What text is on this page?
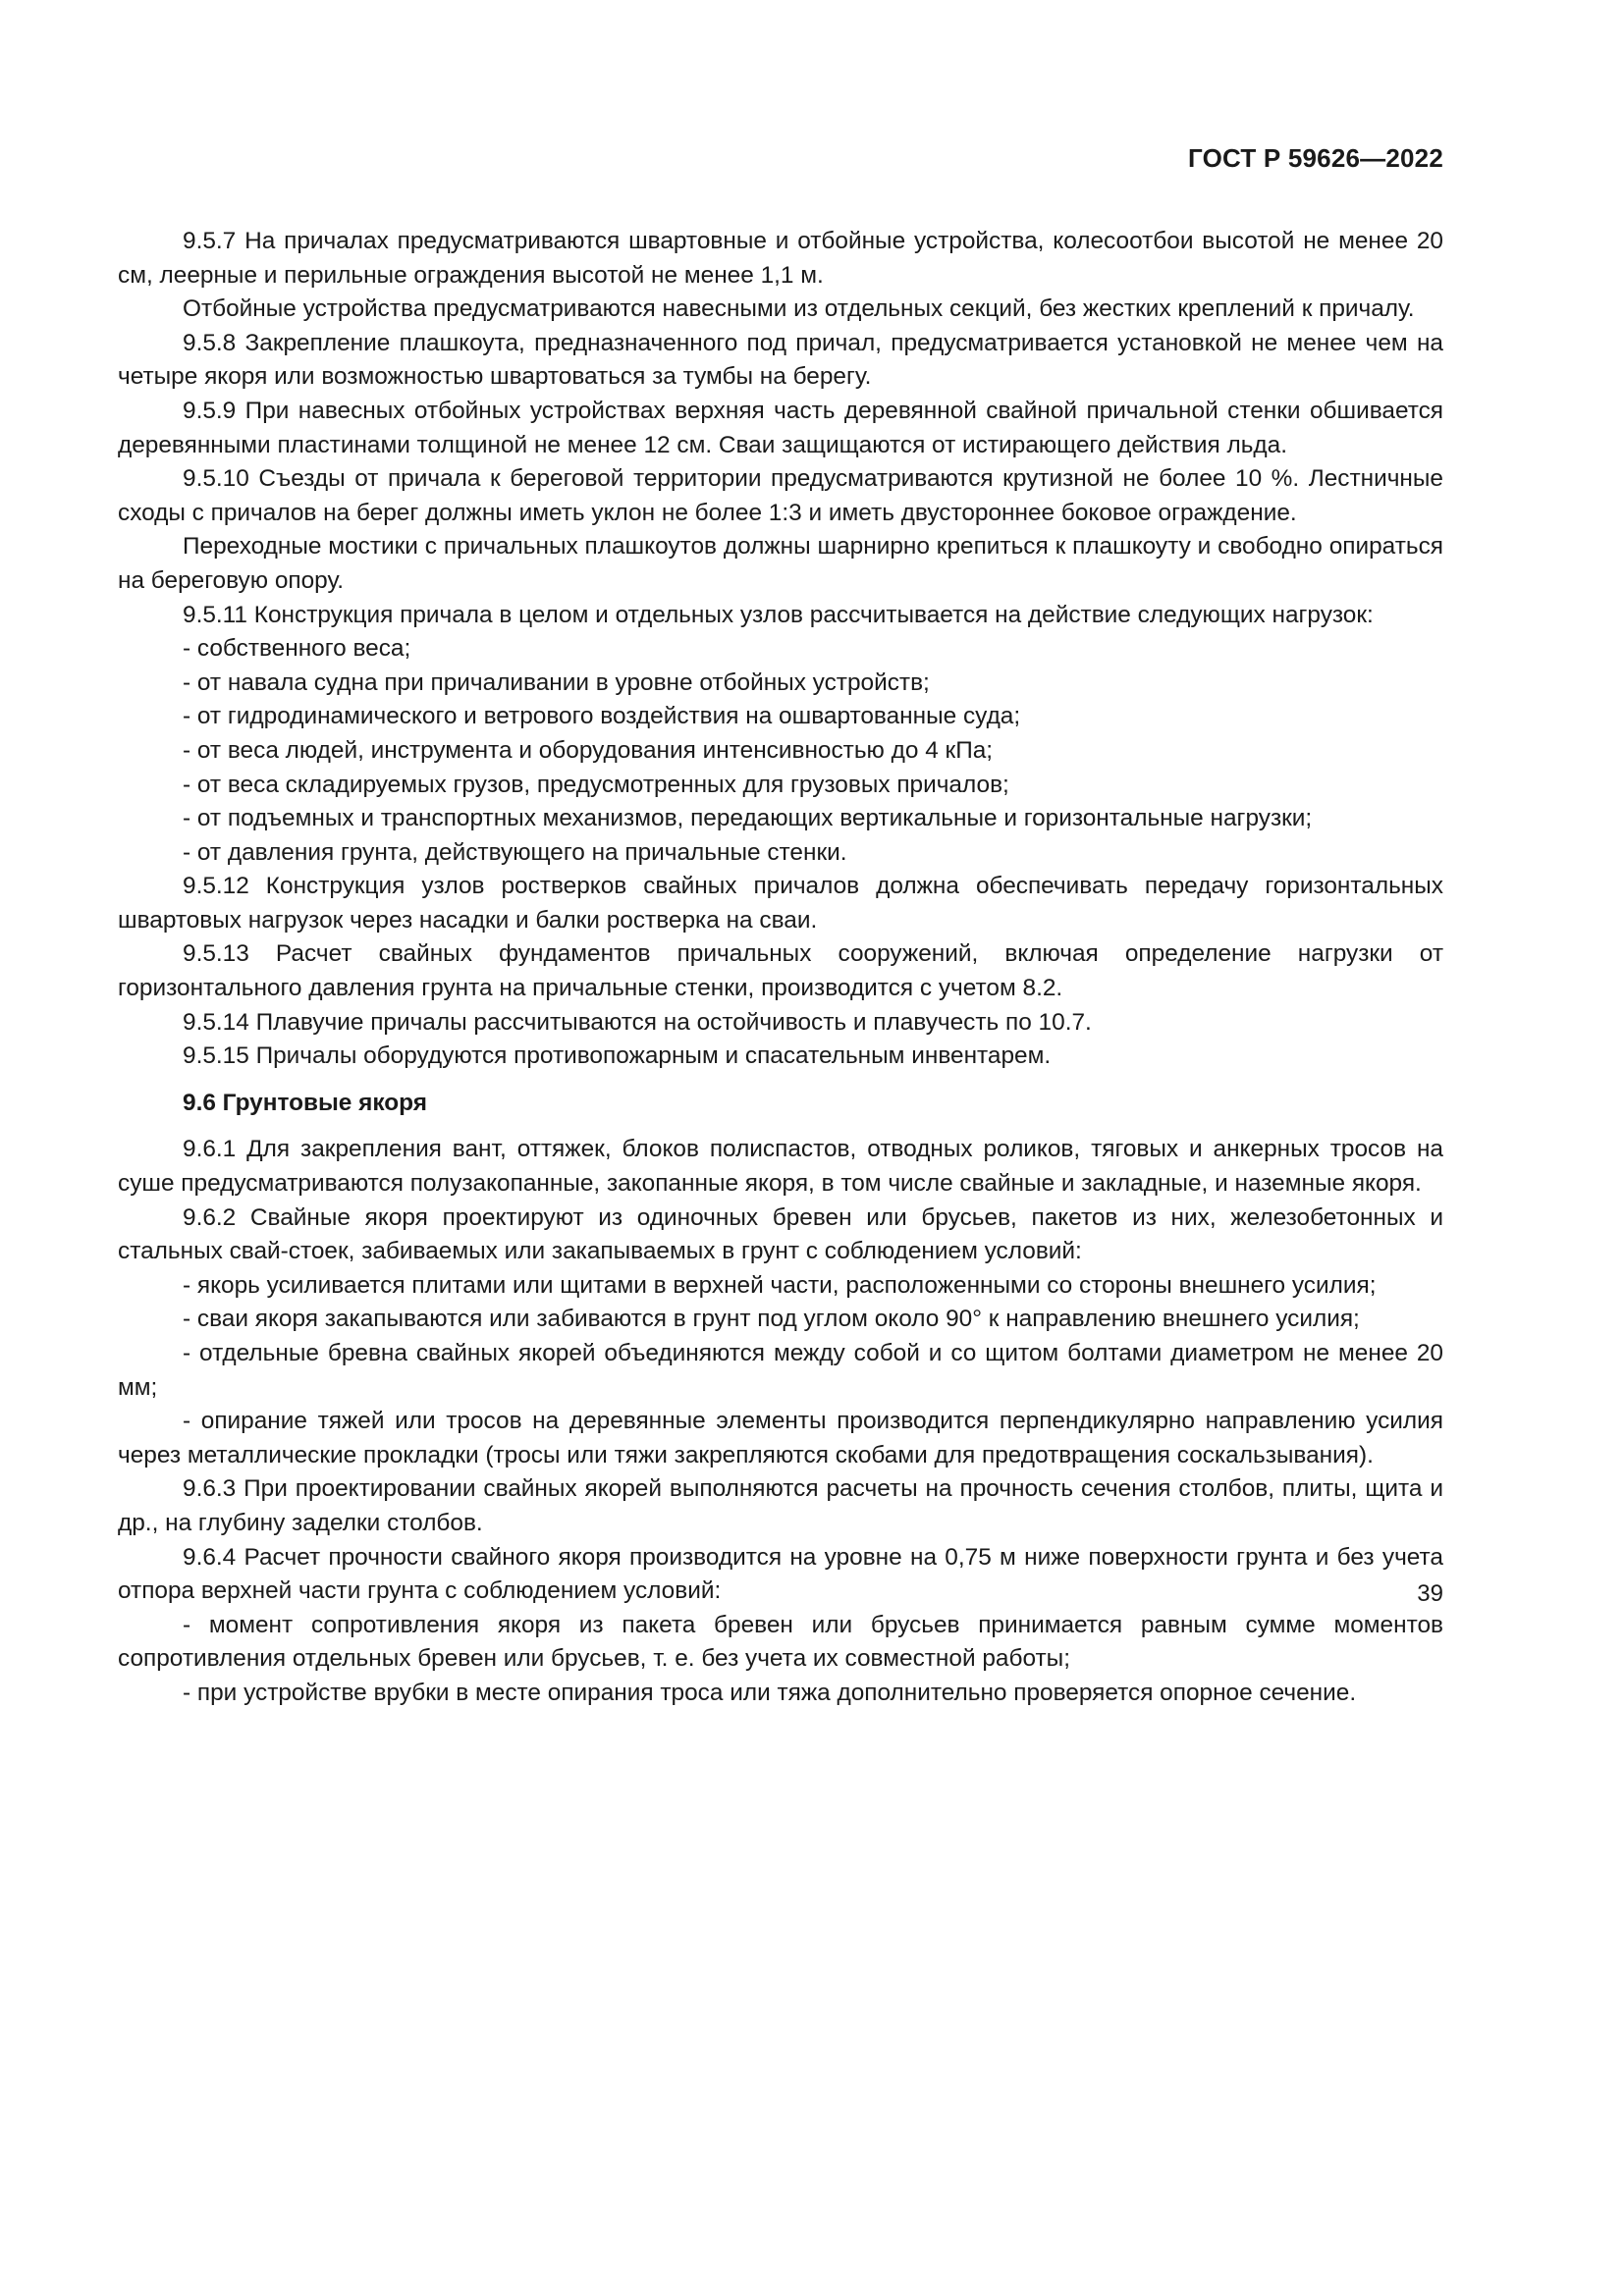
ГОСТ Р 59626—2022

9.5.7 На причалах предусматриваются швартовные и отбойные устройства, колесоотбои высотой не менее 20 см, леерные и перильные ограждения высотой не менее 1,1 м.

Отбойные устройства предусматриваются навесными из отдельных секций, без жестких креплений к причалу.

9.5.8 Закрепление плашкоута, предназначенного под причал, предусматривается установкой не менее чем на четыре якоря или возможностью швартоваться за тумбы на берегу.

9.5.9 При навесных отбойных устройствах верхняя часть деревянной свайной причальной стенки обшивается деревянными пластинами толщиной не менее 12 см. Сваи защищаются от истирающего действия льда.

9.5.10 Съезды от причала к береговой территории предусматриваются крутизной не более 10 %. Лестничные сходы с причалов на берег должны иметь уклон не более 1:3 и иметь двустороннее боковое ограждение.

Переходные мостики с причальных плашкоутов должны шарнирно крепиться к плашкоуту и свободно опираться на береговую опору.

9.5.11 Конструкция причала в целом и отдельных узлов рассчитывается на действие следующих нагрузок:

- собственного веса;

- от навала судна при причаливании в уровне отбойных устройств;

- от гидродинамического и ветрового воздействия на ошвартованные суда;

- от веса людей, инструмента и оборудования интенсивностью до 4 кПа;

- от веса складируемых грузов, предусмотренных для грузовых причалов;

- от подъемных и транспортных механизмов, передающих вертикальные и горизонтальные нагрузки;

- от давления грунта, действующего на причальные стенки.

9.5.12 Конструкция узлов ростверков свайных причалов должна обеспечивать передачу горизонтальных швартовых нагрузок через насадки и балки ростверка на сваи.

9.5.13 Расчет свайных фундаментов причальных сооружений, включая определение нагрузки от горизонтального давления грунта на причальные стенки, производится с учетом 8.2.

9.5.14 Плавучие причалы рассчитываются на остойчивость и плавучесть по 10.7.

9.5.15 Причалы оборудуются противопожарным и спасательным инвентарем.

9.6 Грунтовые якоря

9.6.1 Для закрепления вант, оттяжек, блоков полиспастов, отводных роликов, тяговых и анкерных тросов на суше предусматриваются полузакопанные, закопанные якоря, в том числе свайные и закладные, и наземные якоря.

9.6.2 Свайные якоря проектируют из одиночных бревен или брусьев, пакетов из них, железобетонных и стальных свай-стоек, забиваемых или закапываемых в грунт с соблюдением условий:

- якорь усиливается плитами или щитами в верхней части, расположенными со стороны внешнего усилия;

- сваи якоря закапываются или забиваются в грунт под углом около 90° к направлению внешнего усилия;

- отдельные бревна свайных якорей объединяются между собой и со щитом болтами диаметром не менее 20 мм;

- опирание тяжей или тросов на деревянные элементы производится перпендикулярно направлению усилия через металлические прокладки (тросы или тяжи закрепляются скобами для предотвращения соскальзывания).

9.6.3 При проектировании свайных якорей выполняются расчеты на прочность сечения столбов, плиты, щита и др., на глубину заделки столбов.

9.6.4 Расчет прочности свайного якоря производится на уровне на 0,75 м ниже поверхности грунта и без учета отпора верхней части грунта с соблюдением условий:

- момент сопротивления якоря из пакета бревен или брусьев принимается равным сумме моментов сопротивления отдельных бревен или брусьев, т. е. без учета их совместной работы;

- при устройстве врубки в месте опирания троса или тяжа дополнительно проверяется опорное сечение.

39
